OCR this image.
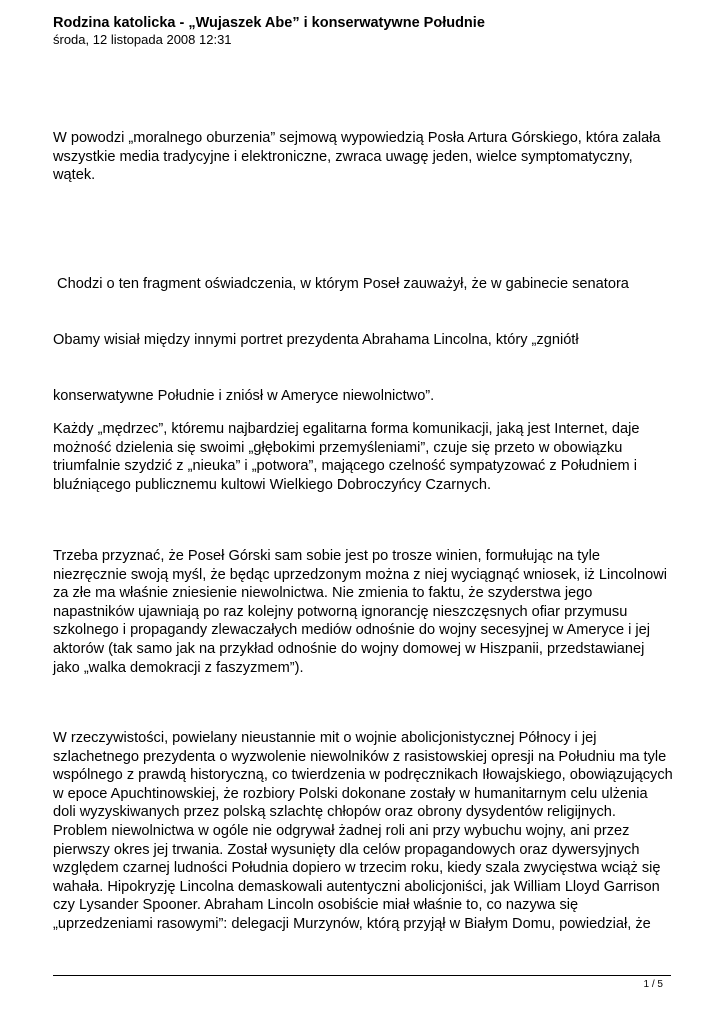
Rodzina katolicka - „Wujaszek Abe” i konserwatywne Południe
środa, 12 listopada 2008 12:31

W powodzi „moralnego oburzenia” sejmową wypowiedzią Posła Artura Górskiego, która zalała
wszystkie media tradycyjne i elektroniczne, zwraca uwagę jeden, wielce symptomatyczny,
wątek.

Chodzi o ten fragment oświadczenia, w którym Poseł zauważył, że w gabinecie senatora

Obamy wisiał między innymi portret prezydenta Abrahama Lincolna, który „zgniótł

konserwatywne Południe i zniósł w Ameryce niewolnictwo”.

Każdy „mędrzec”, któremu najbardziej egalitarna forma komunikacji, jaką jest Internet, daje
możność dzielenia się swoimi „głębokimi przemyśleniami”, czuje się przeto w obowiązku
triumfalnie szydzić z „nieuka” i „potwora”, mającego czelność sympatyzować z Południem i
bluźniącego publicznemu kultowi Wielkiego Dobroczyńcy Czarnych.

Trzeba przyznać, że Poseł Górski sam sobie jest po trosze winien, formułując na tyle
niezręcznie swoją myśl, że będąc uprzedzonym można z niej wyciągnąć wniosek, iż Lincolnowi
za złe ma właśnie zniesienie niewolnictwa. Nie zmienia to faktu, że szyderstwa jego
napastników ujawniają po raz kolejny potworną ignorancję nieszczęsnych ofiar przymusu
szkolnego i propagandy zlewaczałych mediów odnośnie do wojny secesyjnej w Ameryce i jej
aktorów (tak samo jak na przykład odnośnie do wojny domowej w Hiszpanii, przedstawianej
jako „walka demokracji z faszyzmem”).

W rzeczywistości, powielany nieustannie mit o wojnie abolicjonistycznej Północy i jej
szlachetnego prezydenta o wyzwolenie niewolników z rasistowskiej opresji na Południu ma tyle
wspólnego z prawdą historyczną, co twierdzenia w podręcznikach Iłowajskiego, obowiązujących
w epoce Apuchtinowskiej, że rozbiory Polski dokonane zostały w humanitarnym celu ulżenia
doli wyzyskiwanych przez polską szlachtę chłopów oraz obrony dysydentów religijnych.
Problem niewolnictwa w ogóle nie odgrywał żadnej roli ani przy wybuchu wojny, ani przez
pierwszy okres jej trwania. Został wysunięty dla celów propagandowych oraz dywersyjnych
względem czarnej ludności Południa dopiero w trzecim roku, kiedy szala zwycięstwa wciąż się
wahała. Hipokryzję Lincolna demaskowali autentyczni abolicjoniści, jak William Lloyd Garrison
czy Lysander Spooner. Abraham Lincoln osobiście miał właśnie to, co nazywa się
„uprzedzeniami rasowymi”: delegacji Murzynów, którą przyjął w Białym Domu, powiedział, że

1 / 5
